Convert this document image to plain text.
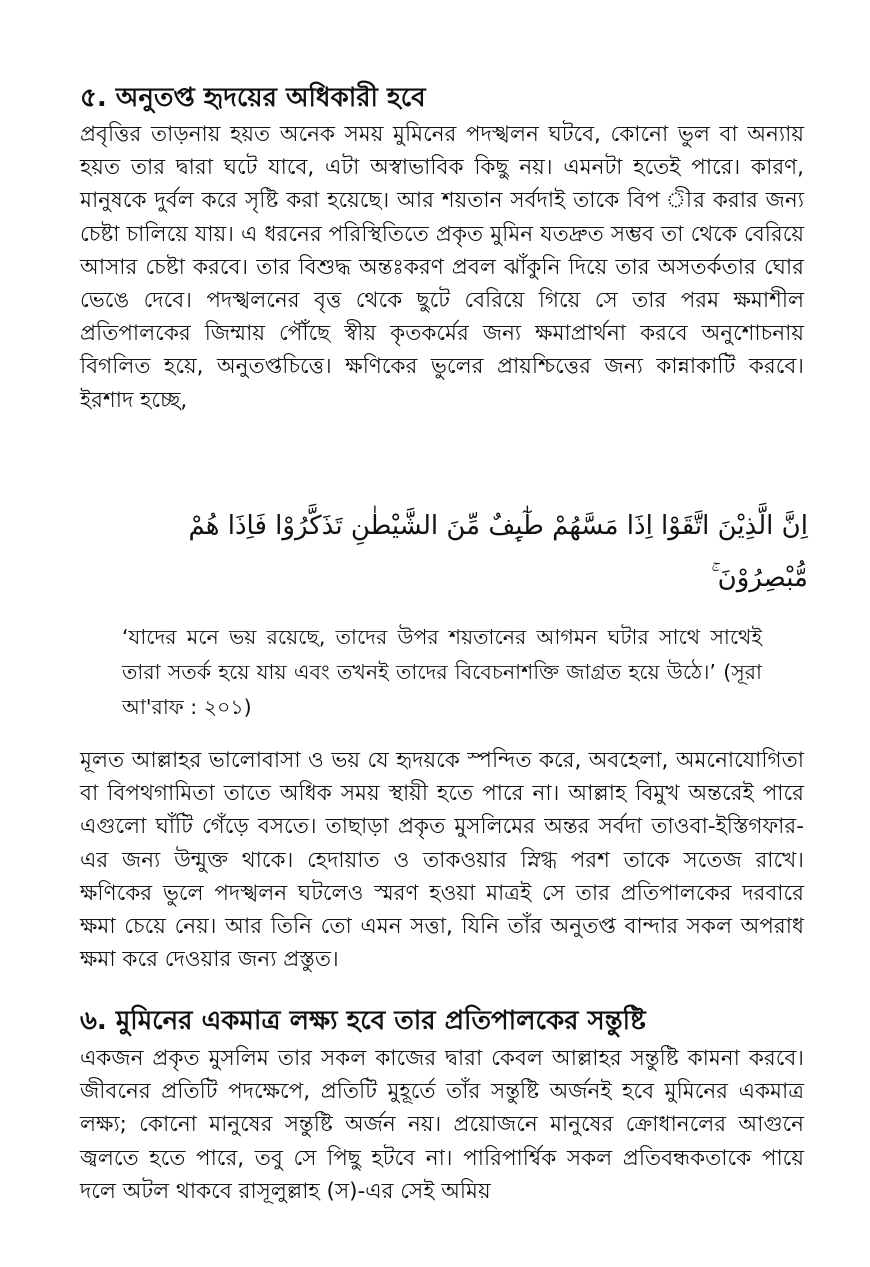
৫. অনুতপ্ত হৃদয়ের অধিকারী হবে
প্রবৃত্তির তাড়নায় হয়ত অনেক সময় মুমিনের পদস্খলন ঘটবে, কোনো ভুল বা অন্যায় হয়ত তার দ্বারা ঘটে যাবে, এটা অস্বাভাবিক কিছু নয়। এমনটা হতেই পারে। কারণ, মানুষকে দুর্বল করে সৃষ্টি করা হয়েছে। আর শয়তান সর্বদাই তাকে বিপ ীর করার জন্য চেষ্টা চালিয়ে যায়। এ ধরনের পরিস্থিতিতে প্রকৃত মুমিন যতদ্রুত সম্ভব তা থেকে বেরিয়ে আসার চেষ্টা করবে। তার বিশুদ্ধ অন্তঃকরণ প্রবল ঝাঁকুনি দিয়ে তার অসতর্কতার ঘোর ভেঙে দেবে। পদস্খলনের বৃত্ত থেকে ছুটে বেরিয়ে গিয়ে সে তার পরম ক্ষমাশীল প্রতিপালকের জিম্মায় পৌঁছে স্বীয় কৃতকর্মের জন্য ক্ষমাপ্রার্থনা করবে অনুশোচনায় বিগলিত হয়ে, অনুতপ্তচিত্তে। ক্ষণিকের ভুলের প্রায়শ্চিত্তের জন্য কান্নাকাটি করবে। ইরশাদ হচ্ছে,
اِنَّ الَّذِيْنَ اتَّقَوْا اِذَا مَسَّهُمْ طٰٓىِٕفٌ مِّنَ الشَّيْطٰنِ تَذَكَّرُوْا فَاِذَا هُمْ مُّبْصِرُوْنَ ۚ
‘যাদের মনে ভয় রয়েছে, তাদের উপর শয়তানের আগমন ঘটার সাথে সাথেই তারা সতর্ক হয়ে যায় এবং তখনই তাদের বিবেচনাশক্তি জাগ্রত হয়ে উঠে।’ (সূরা আ'রাফ : ২০১)
মূলত আল্লাহর ভালোবাসা ও ভয় যে হৃদয়কে স্পন্দিত করে, অবহেলা, অমনোযোগিতা বা বিপথগামিতা তাতে অধিক সময় স্থায়ী হতে পারে না। আল্লাহ বিমুখ অন্তরেই পারে এগুলো ঘাঁটি গেঁড়ে বসতে। তাছাড়া প্রকৃত মুসলিমের অন্তর সর্বদা তাওবা-ইস্তিগফার-এর জন্য উন্মুক্ত থাকে। হেদায়াত ও তাকওয়ার স্নিগ্ধ পরশ তাকে সতেজ রাখে। ক্ষণিকের ভুলে পদস্খলন ঘটলেও স্মরণ হওয়া মাত্রই সে তার প্রতিপালকের দরবারে ক্ষমা চেয়ে নেয়। আর তিনি তো এমন সত্তা, যিনি তাঁর অনুতপ্ত বান্দার সকল অপরাধ ক্ষমা করে দেওয়ার জন্য প্রস্তুত।
৬. মুমিনের একমাত্র লক্ষ্য হবে তার প্রতিপালকের সন্তুষ্টি
একজন প্রকৃত মুসলিম তার সকল কাজের দ্বারা কেবল আল্লাহর সন্তুষ্টি কামনা করবে। জীবনের প্রতিটি পদক্ষেপে, প্রতিটি মুহূর্তে তাঁর সন্তুষ্টি অর্জনই হবে মুমিনের একমাত্র লক্ষ্য; কোনো মানুষের সন্তুষ্টি অর্জন নয়। প্রয়োজনে মানুষের ক্রোধানলের আগুনে জ্বলতে হতে পারে, তবু সে পিছু হটবে না। পারিপার্শ্বিক সকল প্রতিবন্ধকতাকে পায়ে দলে অটল থাকবে রাসূলুল্লাহ (স)-এর সেই অমিয়
